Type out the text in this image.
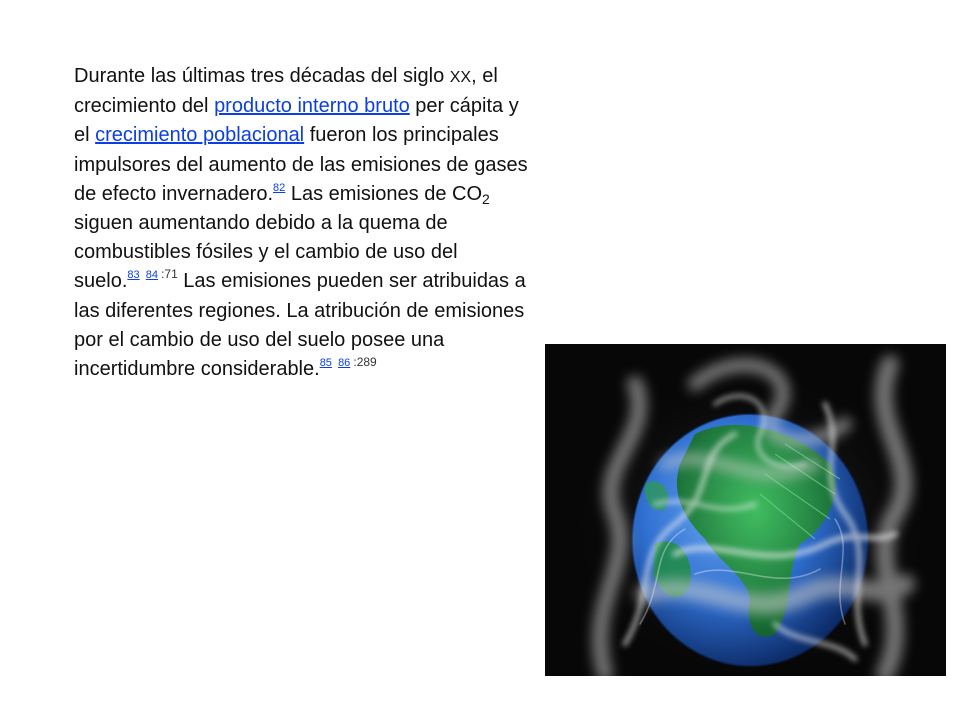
Durante las últimas tres décadas del siglo XX, el crecimiento del producto interno bruto per cápita y el crecimiento poblacional fueron los principales impulsores del aumento de las emisiones de gases de efecto invernadero.$^{82}$ Las emisiones de $CO_2$ siguen aumentando debido a la quema de combustibles fósiles y el cambio de uso del suelo.$^{83 84 :71}$ Las emisiones pueden ser atribuidas a las diferentes regiones. La atribución de emisiones por el cambio de uso del suelo posee una incertidumbre considerable.$^{85 86 :289}$
